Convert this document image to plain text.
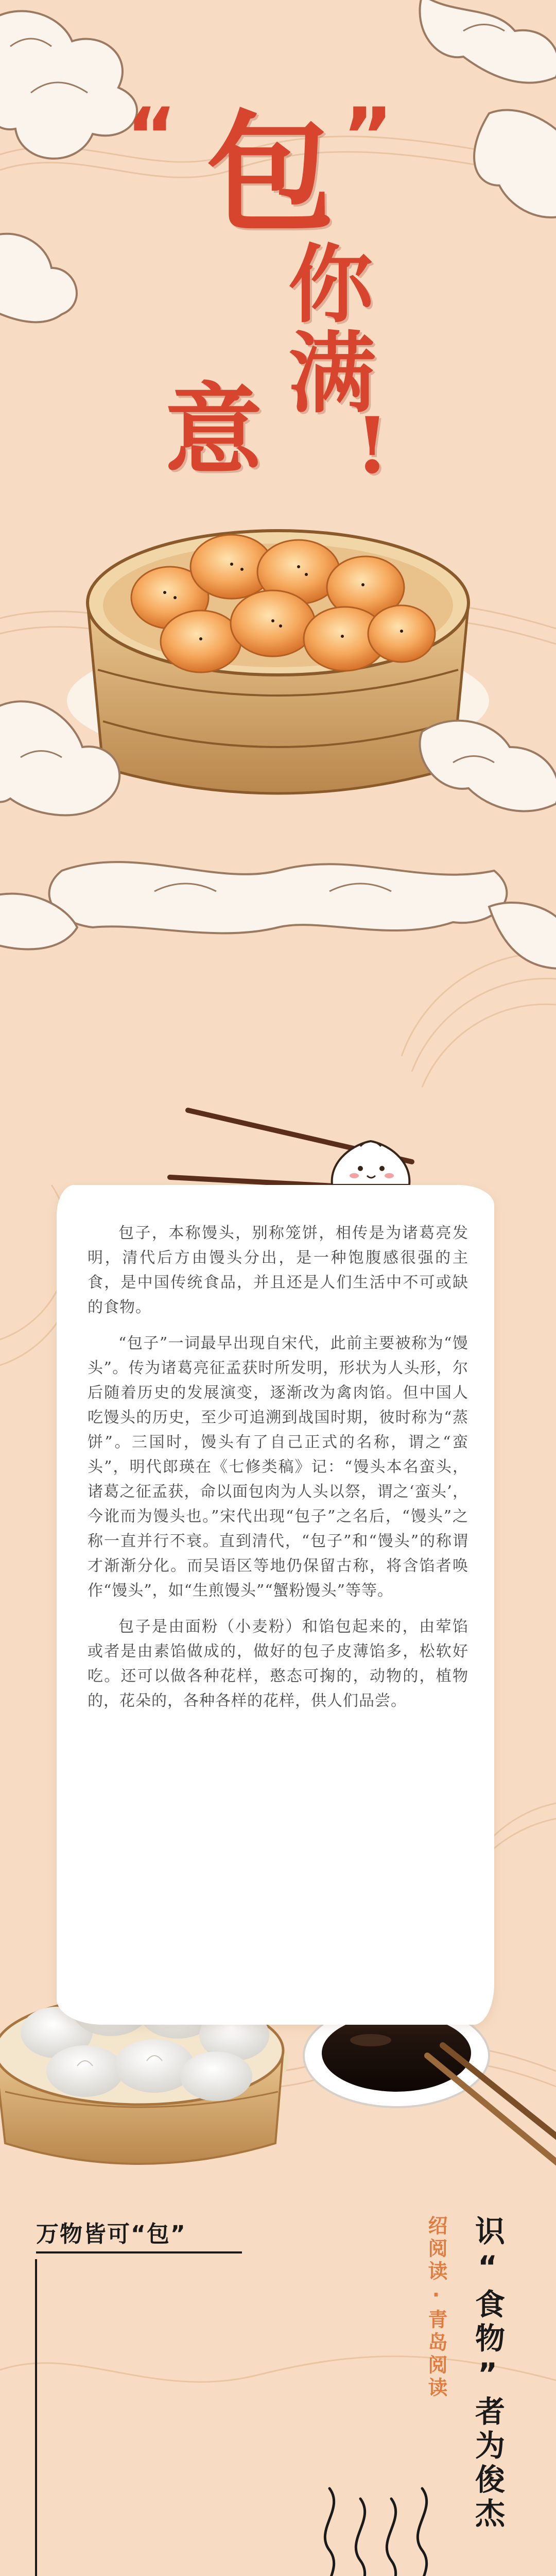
“ ”
包
你
满
意 !

包子，本称馒头，别称笼饼，相传是为诸葛亮发明，清代后方由馒头分出，是一种饱腹感很强的主食，是中国传统食品，并且还是人们生活中不可或缺的食物。

“包子”一词最早出现自宋代，此前主要被称为“馒头”。传为诸葛亮征孟获时所发明，形状为人头形，尔后随着历史的发展演变，逐渐改为禽肉馅。但中国人吃馒头的历史，至少可追溯到战国时期，彼时称为“蒸饼”。三国时，馒头有了自己正式的名称，谓之“蛮头”，明代郎瑛在《七修类稿》记：“馒头本名蛮头，诸葛之征孟获，命以面包肉为人头以祭，谓之‘蛮头’，今讹而为馒头也。”宋代出现“包子”之名后，“馒头”之称一直并行不衰。直到清代，“包子”和“馒头”的称谓才渐渐分化。而吴语区等地仍保留古称，将含馅者唤作“馒头”，如“生煎馒头”“蟹粉馒头”等等。

包子是由面粉（小麦粉）和馅包起来的，由荤馅或者是由素馅做成的，做好的包子皮薄馅多，松软好吃。还可以做各种花样，憨态可掬的，动物的，植物的，花朵的，各种各样的花样，供人们品尝。

万物皆可“包”	绍阅读·青岛阅读 识“食物”者为俊杰
